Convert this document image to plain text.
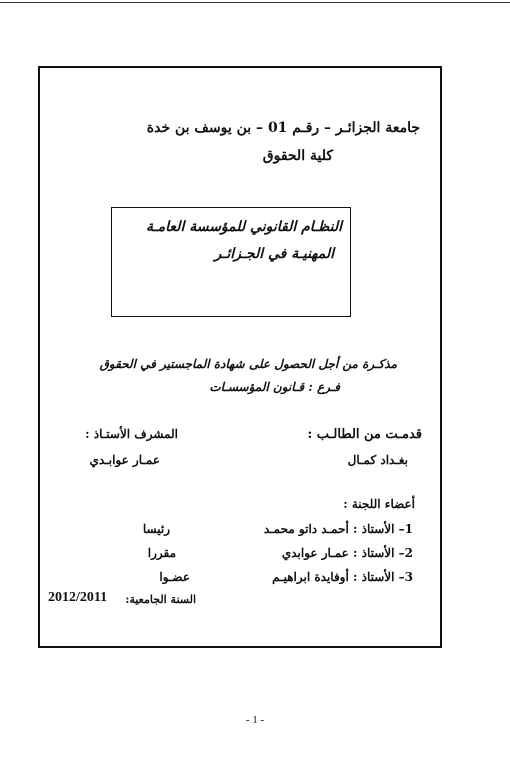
جامعة الجزائـر – رقـم 01 – بن يوسف بن خدة
كلية الحقوق
النظـام القانوني للمؤسسة العامـة
المهنيـة في الجـزائـر
مذكـرة من أجل الحصول على شهادة الماجستير في الحقوق
فـرع : قـانون المؤسسـات
قدمـت من الطالـب :
المشرف الأستـاذ :
بغـداد كمـال
عمـار عوابـدي
أعضاء اللجنة :
1– الأستاذ : أحمـد داتو محمـد
رئيسا
2– الأستاذ : عمـار عوابدي
مقررا
3– الأستاذ : أوفايدة ابراهيـم
عضـوا
السنة الجامعية:
2012/2011
- 1 -
